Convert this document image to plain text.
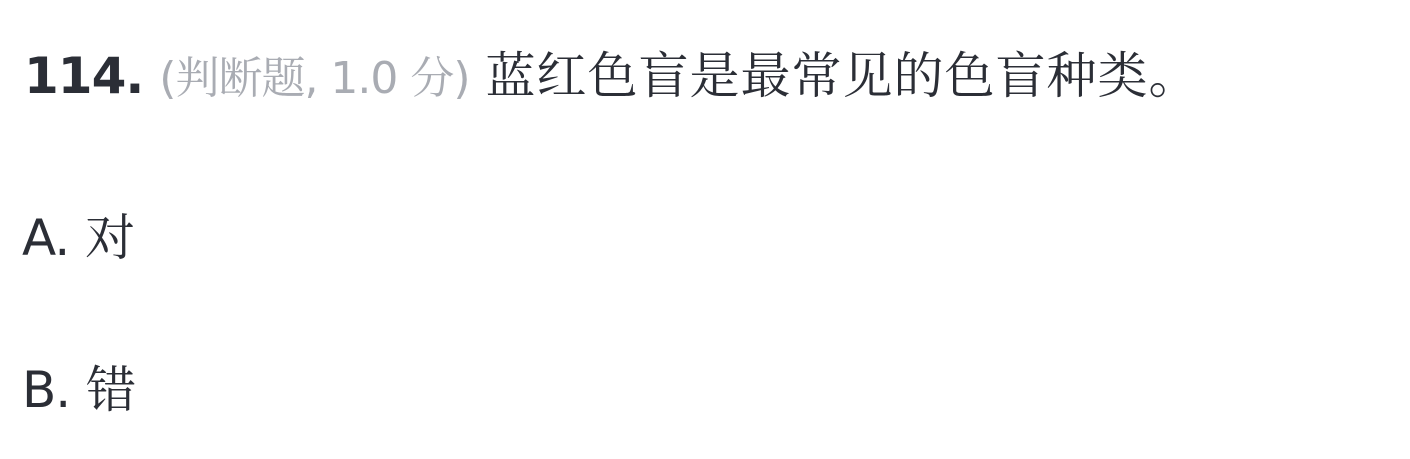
114. (判断题, 1.0 分) 蓝红色盲是最常见的色盲种类。
A. 对
B. 错
